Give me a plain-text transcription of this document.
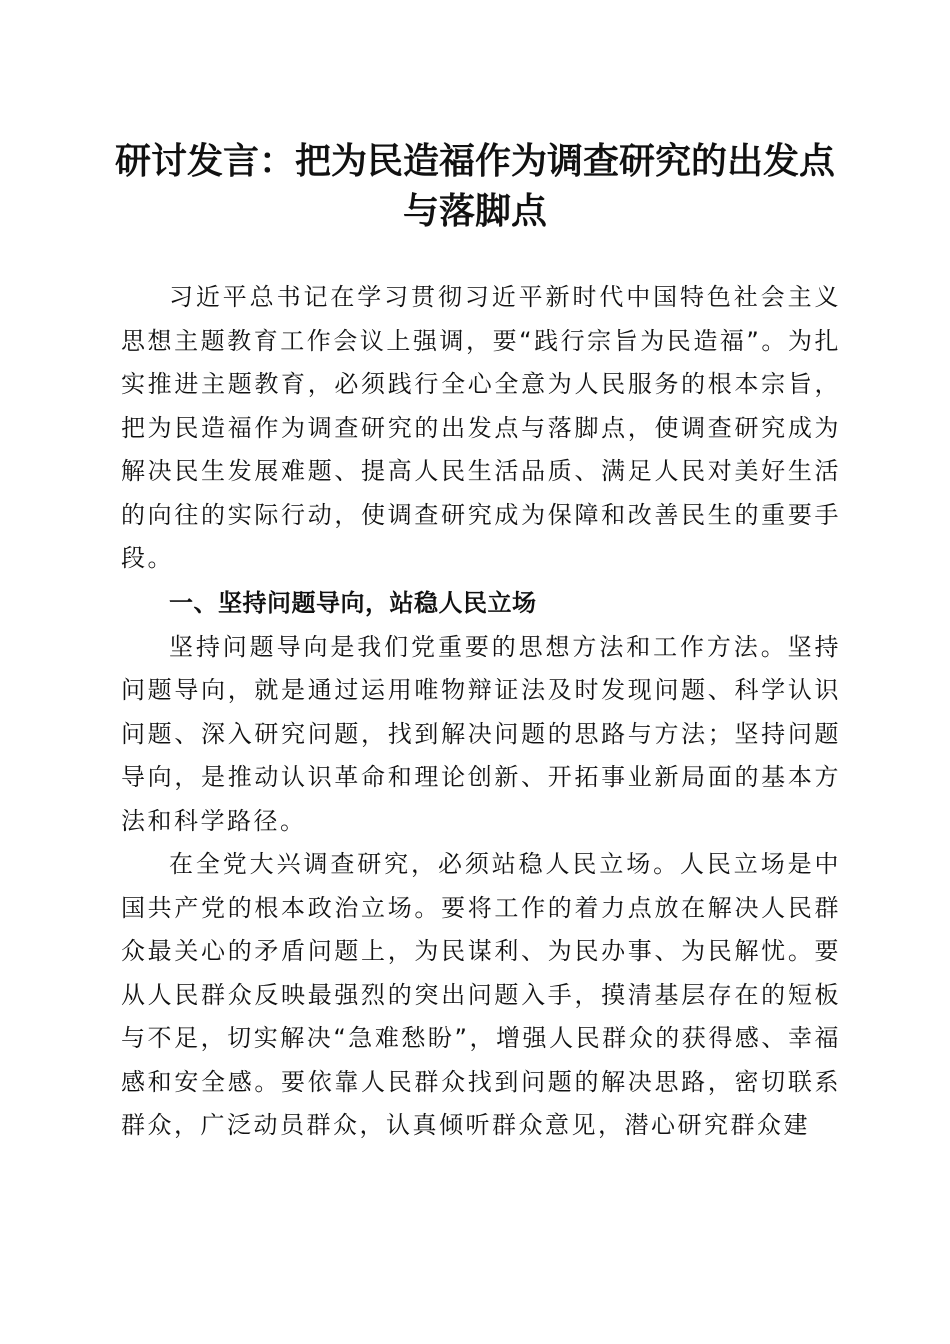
研讨发言：把为民造福作为调查研究的出发点
与落脚点

习近平总书记在学习贯彻习近平新时代中国特色社会主义思想主题教育工作会议上强调，要“践行宗旨为民造福”。为扎实推进主题教育，必须践行全心全意为人民服务的根本宗旨，把为民造福作为调查研究的出发点与落脚点，使调查研究成为解决民生发展难题、提高人民生活品质、满足人民对美好生活的向往的实际行动，使调查研究成为保障和改善民生的重要手段。

一、坚持问题导向，站稳人民立场

坚持问题导向是我们党重要的思想方法和工作方法。坚持问题导向，就是通过运用唯物辩证法及时发现问题、科学认识问题、深入研究问题，找到解决问题的思路与方法；坚持问题导向，是推动认识革命和理论创新、开拓事业新局面的基本方法和科学路径。

在全党大兴调查研究，必须站稳人民立场。人民立场是中国共产党的根本政治立场。要将工作的着力点放在解决人民群众最关心的矛盾问题上，为民谋利、为民办事、为民解忧。要从人民群众反映最强烈的突出问题入手，摸清基层存在的短板与不足，切实解决“急难愁盼”，增强人民群众的获得感、幸福感和安全感。要依靠人民群众找到问题的解决思路，密切联系群众，广泛动员群众，认真倾听群众意见，潜心研究群众建
